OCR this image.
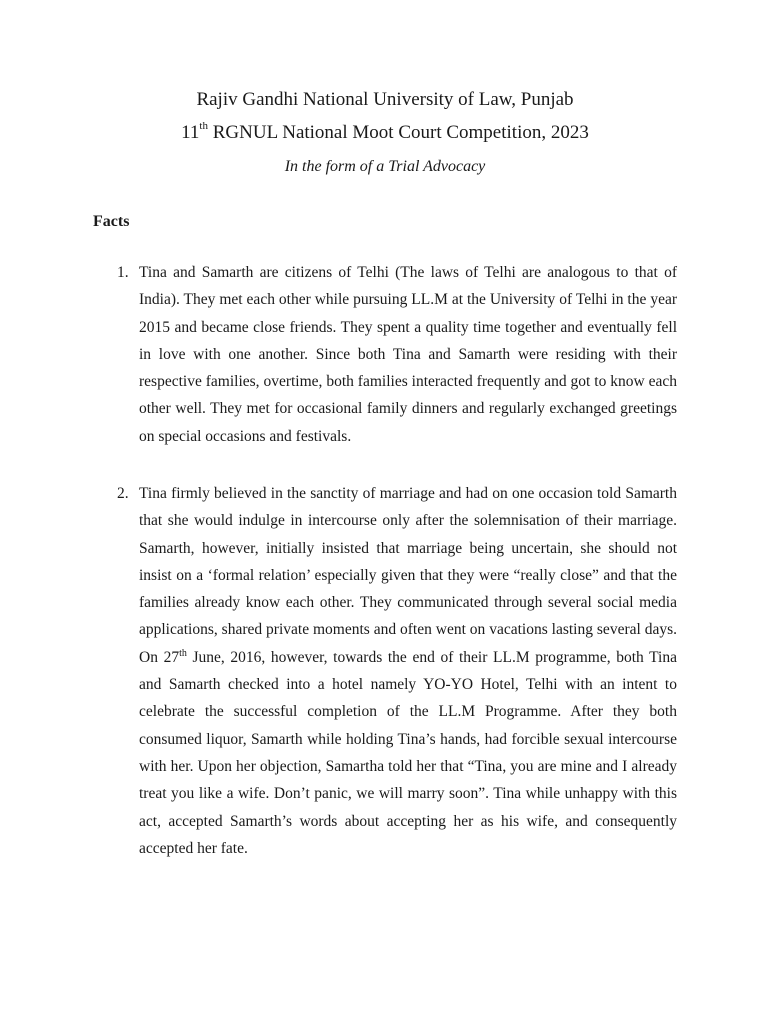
Rajiv Gandhi National University of Law, Punjab
11th RGNUL National Moot Court Competition, 2023
In the form of a Trial Advocacy
Facts
1. Tina and Samarth are citizens of Telhi (The laws of Telhi are analogous to that of India). They met each other while pursuing LL.M at the University of Telhi in the year 2015 and became close friends. They spent a quality time together and eventually fell in love with one another. Since both Tina and Samarth were residing with their respective families, overtime, both families interacted frequently and got to know each other well. They met for occasional family dinners and regularly exchanged greetings on special occasions and festivals.
2. Tina firmly believed in the sanctity of marriage and had on one occasion told Samarth that she would indulge in intercourse only after the solemnisation of their marriage. Samarth, however, initially insisted that marriage being uncertain, she should not insist on a ‘formal relation’ especially given that they were “really close” and that the families already know each other. They communicated through several social media applications, shared private moments and often went on vacations lasting several days. On 27th June, 2016, however, towards the end of their LL.M programme, both Tina and Samarth checked into a hotel namely YO-YO Hotel, Telhi with an intent to celebrate the successful completion of the LL.M Programme. After they both consumed liquor, Samarth while holding Tina’s hands, had forcible sexual intercourse with her. Upon her objection, Samartha told her that “Tina, you are mine and I already treat you like a wife. Don’t panic, we will marry soon”. Tina while unhappy with this act, accepted Samarth’s words about accepting her as his wife, and consequently accepted her fate.
